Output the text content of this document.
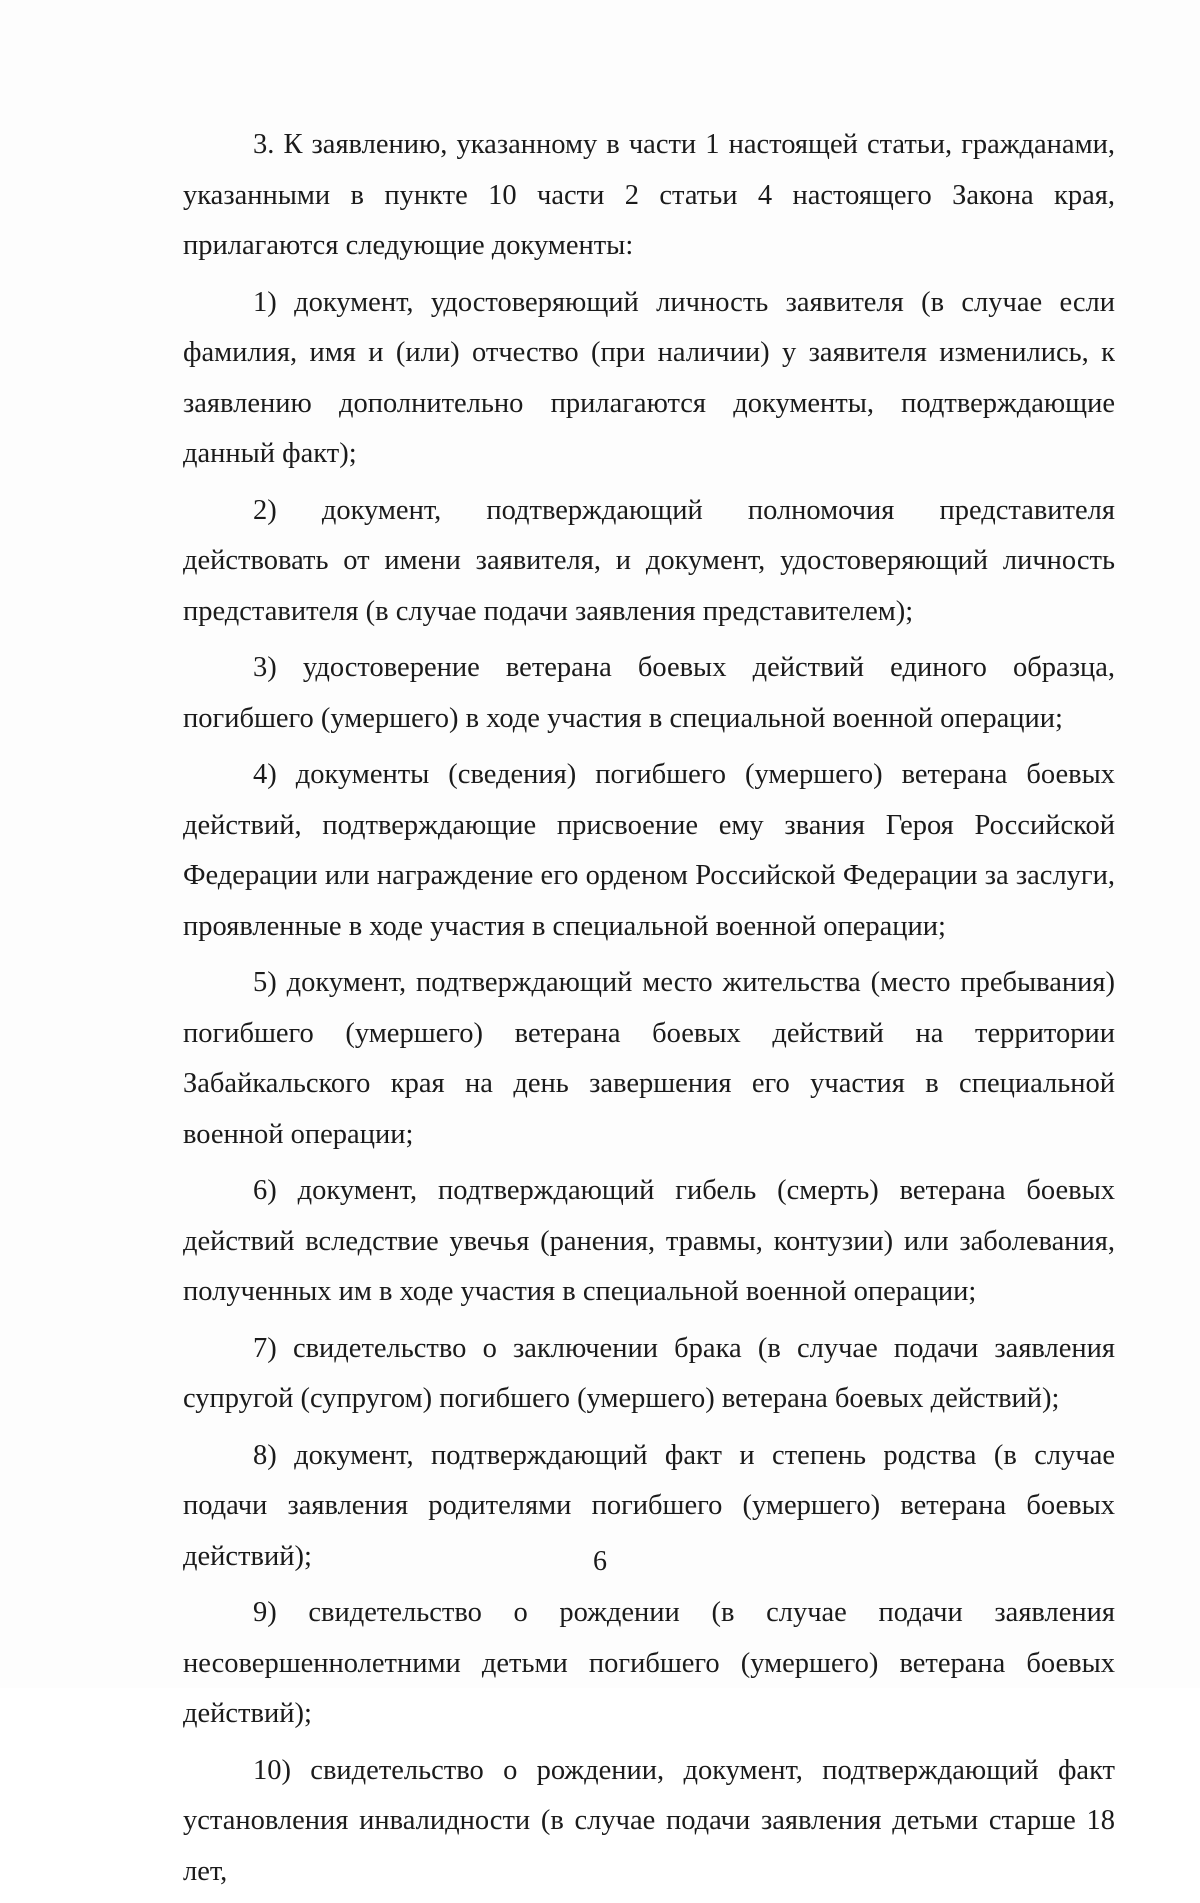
3. К заявлению, указанному в части 1 настоящей статьи, гражданами, указанными в пункте 10 части 2 статьи 4 настоящего Закона края, прилагаются следующие документы:

1) документ, удостоверяющий личность заявителя (в случае если фамилия, имя и (или) отчество (при наличии) у заявителя изменились, к заявлению дополнительно прилагаются документы, подтверждающие данный факт);

2) документ, подтверждающий полномочия представителя действовать от имени заявителя, и документ, удостоверяющий личность представителя (в случае подачи заявления представителем);

3) удостоверение ветерана боевых действий единого образца, погибшего (умершего) в ходе участия в специальной военной операции;

4) документы (сведения) погибшего (умершего) ветерана боевых действий, подтверждающие присвоение ему звания Героя Российской Федерации или награждение его орденом Российской Федерации за заслуги, проявленные в ходе участия в специальной военной операции;

5) документ, подтверждающий место жительства (место пребывания) погибшего (умершего) ветерана боевых действий на территории Забайкальского края на день завершения его участия в специальной военной операции;

6) документ, подтверждающий гибель (смерть) ветерана боевых действий вследствие увечья (ранения, травмы, контузии) или заболевания, полученных им в ходе участия в специальной военной операции;

7) свидетельство о заключении брака (в случае подачи заявления супругой (супругом) погибшего (умершего) ветерана боевых действий);

8) документ, подтверждающий факт и степень родства (в случае подачи заявления родителями погибшего (умершего) ветерана боевых действий);

9) свидетельство о рождении (в случае подачи заявления несовершеннолетними детьми погибшего (умершего) ветерана боевых действий);

10) свидетельство о рождении, документ, подтверждающий факт установления инвалидности (в случае подачи заявления детьми старше 18 лет,

6
